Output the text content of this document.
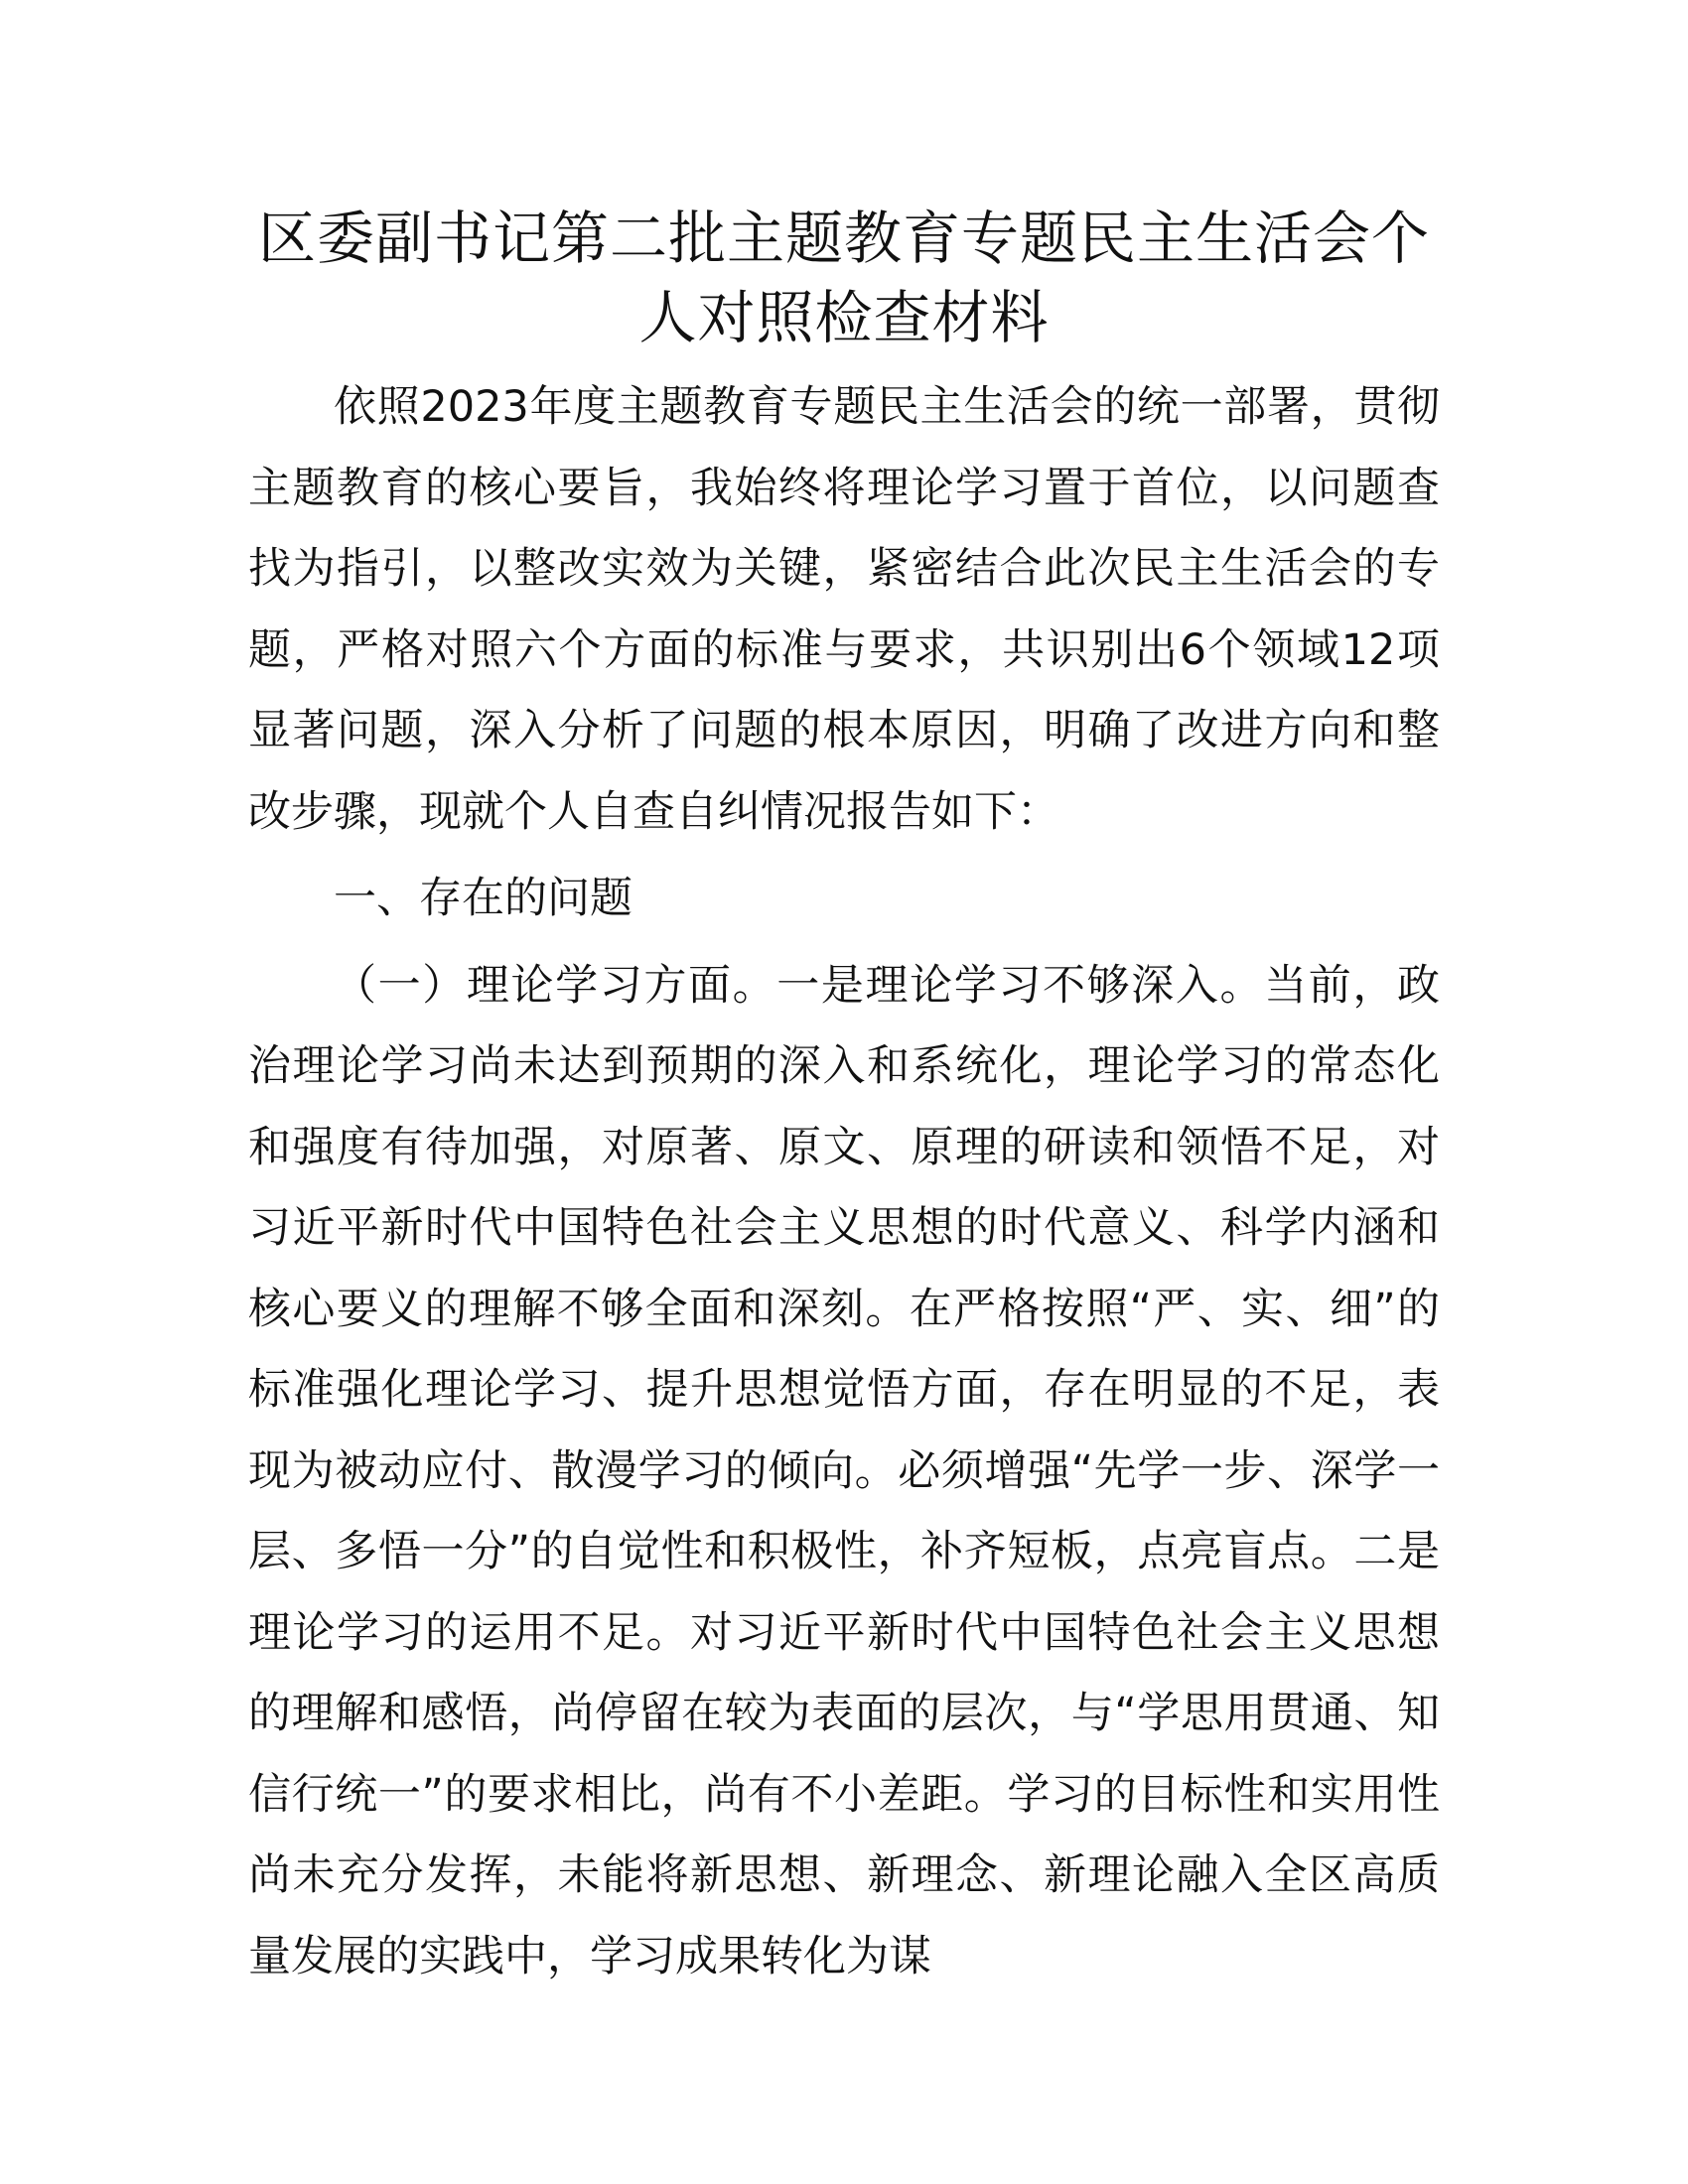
区委副书记第二批主题教育专题民主生活会个
人对照检查材料

依照2023年度主题教育专题民主生活会的统一部署，贯彻主题教育的核心要旨，我始终将理论学习置于首位，以问题查找为指引，以整改实效为关键，紧密结合此次民主生活会的专题，严格对照六个方面的标准与要求，共识别出6个领域12项显著问题，深入分析了问题的根本原因，明确了改进方向和整改步骤，现就个人自查自纠情况报告如下：

一、存在的问题

（一）理论学习方面。一是理论学习不够深入。当前，政治理论学习尚未达到预期的深入和系统化，理论学习的常态化和强度有待加强，对原著、原文、原理的研读和领悟不足，对习近平新时代中国特色社会主义思想的时代意义、科学内涵和核心要义的理解不够全面和深刻。在严格按照“严、实、细”的标准强化理论学习、提升思想觉悟方面，存在明显的不足，表现为被动应付、散漫学习的倾向。必须增强“先学一步、深学一层、多悟一分”的自觉性和积极性，补齐短板，点亮盲点。二是理论学习的运用不足。对习近平新时代中国特色社会主义思想的理解和感悟，尚停留在较为表面的层次，与“学思用贯通、知信行统一”的要求相比，尚有不小差距。学习的目标性和实用性尚未充分发挥，未能将新思想、新理念、新理论融入全区高质量发展的实践中，学习成果转化为谋
